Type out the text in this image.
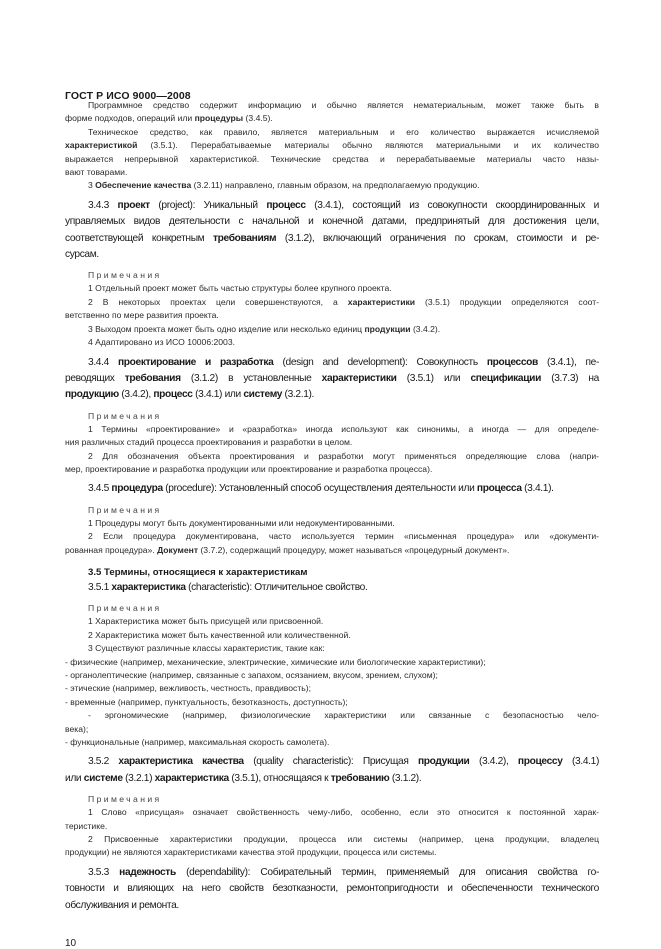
ГОСТ Р ИСО 9000—2008
Программное средство содержит информацию и обычно является нематериальным, может также быть в
форме подходов, операций или процедуры (3.4.5).
Техническое средство, как правило, является материальным и его количество выражается исчисляемой
характеристикой (3.5.1). Перерабатываемые материалы обычно являются материальными и их количество
выражается непрерывной характеристикой. Технические средства и перерабатываемые материалы часто назы-
вают товарами.
3 Обеспечение качества (3.2.11) направлено, главным образом, на предполагаемую продукцию.
3.4.3 проект (project): Уникальный процесс (3.4.1), состоящий из совокупности скоординированных и
управляемых видов деятельности с начальной и конечной датами, предпринятый для достижения цели,
соответствующей конкретным требованиям (3.1.2), включающий ограничения по срокам, стоимости и ре-
сурсам.
Примечания
1 Отдельный проект может быть частью структуры более крупного проекта.
2 В некоторых проектах цели совершенствуются, а характеристики (3.5.1) продукции определяются соот-
ветственно по мере развития проекта.
3 Выходом проекта может быть одно изделие или несколько единиц продукции (3.4.2).
4 Адаптировано из ИСО 10006:2003.
3.4.4 проектирование и разработка (design and development): Совокупность процессов (3.4.1), пе-
реводящих требования (3.1.2) в установленные характеристики (3.5.1) или спецификации (3.7.3) на
продукцию (3.4.2), процесс (3.4.1) или систему (3.2.1).
Примечания
1 Термины «проектирование» и «разработка» иногда используют как синонимы, а иногда — для определе-
ния различных стадий процесса проектирования и разработки в целом.
2 Для обозначения объекта проектирования и разработки могут применяться определяющие слова (напри-
мер, проектирование и разработка продукции или проектирование и разработка процесса).
3.4.5 процедура (procedure): Установленный способ осуществления деятельности или процесса (3.4.1).
Примечания
1 Процедуры могут быть документированными или недокументированными.
2 Если процедура документирована, часто используется термин «письменная процедура» или «документи-
рованная процедура». Документ (3.7.2), содержащий процедуру, может называться «процедурный документ».
3.5 Термины, относящиеся к характеристикам
3.5.1 характеристика (characteristic): Отличительное свойство.
Примечания
1 Характеристика может быть присущей или присвоенной.
2 Характеристика может быть качественной или количественной.
3 Существуют различные классы характеристик, такие как:
- физические (например, механические, электрические, химические или биологические характеристики);
- органолептические (например, связанные с запахом, осязанием, вкусом, зрением, слухом);
- этические (например, вежливость, честность, правдивость);
- временные (например, пунктуальность, безотказность, доступность);
- эргономические (например, физиологические характеристики или связанные с безопасностью чело-
века);
- функциональные (например, максимальная скорость самолета).
3.5.2 характеристика качества (quality characteristic): Присущая продукции (3.4.2), процессу (3.4.1)
или системе (3.2.1) характеристика (3.5.1), относящаяся к требованию (3.1.2).
Примечания
1 Слово «присущая» означает свойственность чему-либо, особенно, если это относится к постоянной харак-
теристике.
2 Присвоенные характеристики продукции, процесса или системы (например, цена продукции, владелец
продукции) не являются характеристиками качества этой продукции, процесса или системы.
3.5.3 надежность (dependability): Собирательный термин, применяемый для описания свойства го-
товности и влияющих на него свойств безотказности, ремонтопригодности и обеспеченности технического
обслуживания и ремонта.
10
